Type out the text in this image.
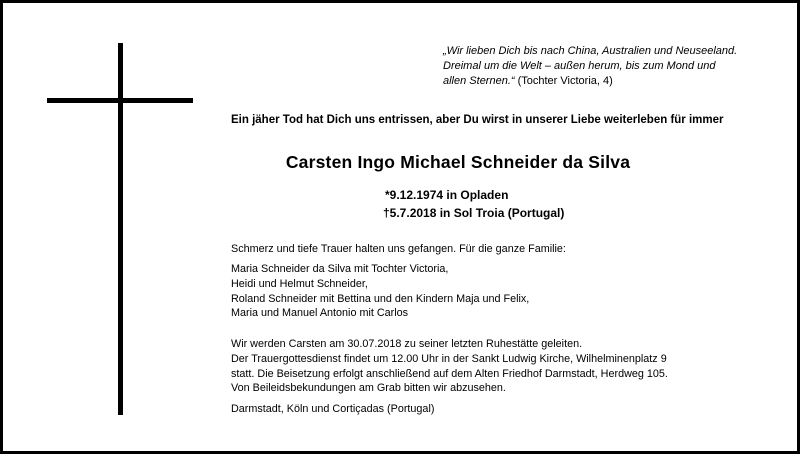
„Wir lieben Dich bis nach China, Australien und Neuseeland.
Dreimal um die Welt – außen herum, bis zum Mond und
allen Sternen.“ (Tochter Victoria, 4)
Ein jäher Tod hat Dich uns entrissen, aber Du wirst in unserer Liebe weiterleben für immer
Carsten Ingo Michael Schneider da Silva
*9.12.1974 in Opladen
†5.7.2018 in Sol Troia (Portugal)
Schmerz und tiefe Trauer halten uns gefangen. Für die ganze Familie:
Maria Schneider da Silva mit Tochter Victoria,
Heidi und Helmut Schneider,
Roland Schneider mit Bettina und den Kindern Maja und Felix,
Maria und Manuel Antonio mit Carlos
Wir werden Carsten am 30.07.2018 zu seiner letzten Ruhestätte geleiten.
Der Trauergottesdienst findet um 12.00 Uhr in der Sankt Ludwig Kirche, Wilhelminenplatz 9
statt. Die Beisetzung erfolgt anschließend auf dem Alten Friedhof Darmstadt, Herdweg 105.
Von Beileidsbekundungen am Grab bitten wir abzusehen.
Darmstadt, Köln und Cortiçadas (Portugal)
